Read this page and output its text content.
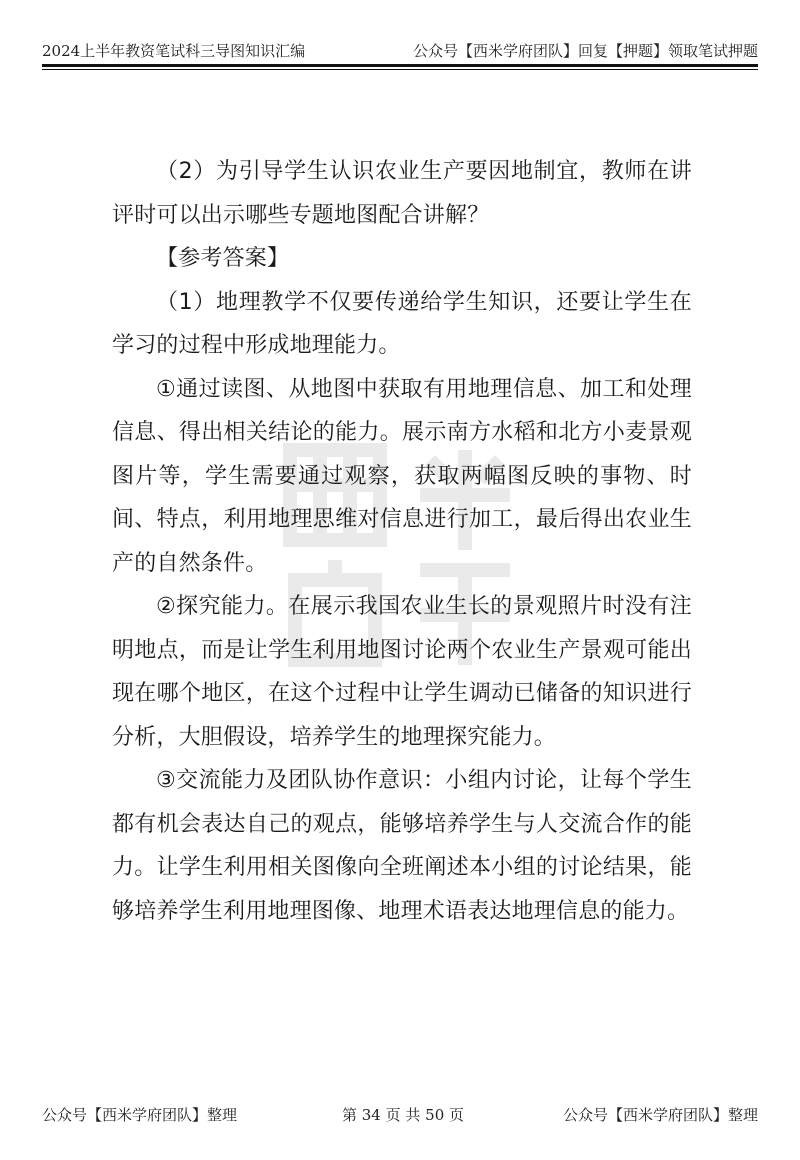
2024上半年教资笔试科三导图知识汇编	公众号【西米学府团队】回复【押题】领取笔试押题

（2）为引导学生认识农业生产要因地制宜，教师在讲评时可以出示哪些专题地图配合讲解？

【参考答案】

（1）地理教学不仅要传递给学生知识，还要让学生在学习的过程中形成地理能力。

①通过读图、从地图中获取有用地理信息、加工和处理信息、得出相关结论的能力。展示南方水稻和北方小麦景观图片等，学生需要通过观察，获取两幅图反映的事物、时间、特点，利用地理思维对信息进行加工，最后得出农业生产的自然条件。

②探究能力。在展示我国农业生长的景观照片时没有注明地点，而是让学生利用地图讨论两个农业生产景观可能出现在哪个地区，在这个过程中让学生调动已储备的知识进行分析，大胆假设，培养学生的地理探究能力。

③交流能力及团队协作意识：小组内讨论，让每个学生都有机会表达自己的观点，能够培养学生与人交流合作的能力。让学生利用相关图像向全班阐述本小组的讨论结果，能够培养学生利用地理图像、地理术语表达地理信息的能力。

公众号【西米学府团队】整理	第 34 页 共 50 页	公众号【西米学府团队】整理
